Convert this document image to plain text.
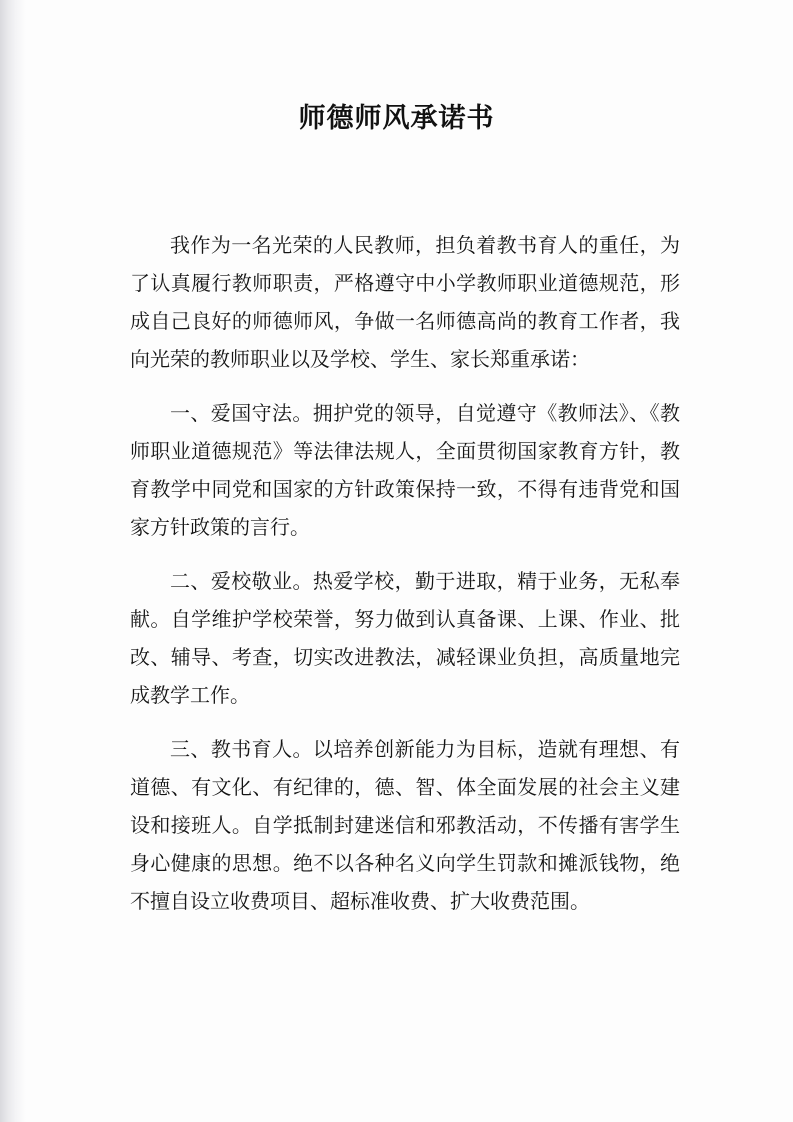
师德师风承诺书

我作为一名光荣的人民教师，担负着教书育人的重任，为了认真履行教师职责，严格遵守中小学教师职业道德规范，形成自己良好的师德师风，争做一名师德高尚的教育工作者，我向光荣的教师职业以及学校、学生、家长郑重承诺：

一、爱国守法。拥护党的领导，自觉遵守《教师法》、《教师职业道德规范》等法律法规人，全面贯彻国家教育方针，教育教学中同党和国家的方针政策保持一致，不得有违背党和国家方针政策的言行。

二、爱校敬业。热爱学校，勤于进取，精于业务，无私奉献。自学维护学校荣誉，努力做到认真备课、上课、作业、批改、辅导、考查，切实改进教法，减轻课业负担，高质量地完成教学工作。

三、教书育人。以培养创新能力为目标，造就有理想、有道德、有文化、有纪律的，德、智、体全面发展的社会主义建设和接班人。自学抵制封建迷信和邪教活动，不传播有害学生身心健康的思想。绝不以各种名义向学生罚款和摊派钱物，绝不擅自设立收费项目、超标准收费、扩大收费范围。
